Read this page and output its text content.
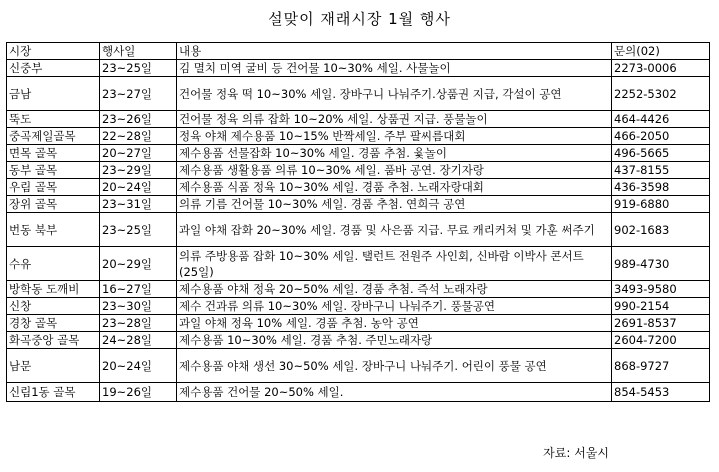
설맞이 재래시장 1월 행사
시장	행사일	내용	문의(02)
신중부	23~25일	김 멸치 미역 굴비 등 건어물 10~30% 세일. 사물놀이	2273-0006
금남	23~27일	건어물 정육 떡 10~30% 세일. 장바구니 나눠주기.상품권 지급, 각설이 공연	2252-5302
뚝도	23~26일	건어물 정육 의류 잡화 10~20% 세일. 상품권 지급. 풍물놀이	464-4426
중곡제일골목	22~28일	정육 야채 제수용품 10~15% 반짝세일. 주부 팔씨름대회	466-2050
면목 골목	20~27일	제수용품 선물잡화 10~30% 세일. 경품 추첨. 윷놀이	496-5665
동부 골목	23~29일	제수용품 생활용품 의류 10~30% 세일. 품바 공연. 장기자랑	437-8155
우림 골목	20~24일	제수용품 식품 정육 10~30% 세일. 경품 추첨. 노래자랑대회	436-3598
장위 골목	23~31일	의류 기름 건어물 10~30% 세일. 경품 추첨. 연희극 공연	919-6880
번동 북부	23~25일	과일 야채 잡화 20~30% 세일. 경품 및 사은품 지급. 무료 캐리커쳐 및 가훈 써주기	902-1683
수유	20~29일	의류 주방용품 잡화 10~30% 세일. 탤런트 전원주 사인회, 신바람 이박사 콘서트(25일)	989-4730
방학동 도깨비	16~27일	제수용품 야채 정육 20~50% 세일. 경품 추첨. 즉석 노래자랑	3493-9580
신창	23~30일	제수 건과류 의류 10~30% 세일. 장바구니 나눠주기. 풍물공연	990-2154
경창 골목	23~28일	과일 야채 정육 10% 세일. 경품 추첨. 농악 공연	2691-8537
화곡중앙 골목	24~28일	제수용품 10~30% 세일. 경품 추첨. 주민노래자랑	2604-7200
남문	20~24일	제수용품 야채 생선 30~50% 세일. 장바구니 나눠주기. 어린이 풍물 공연	868-9727
신림1동 골목	19~26일	제수용품 건어물 20~50% 세일.	854-5453
자료: 서울시
